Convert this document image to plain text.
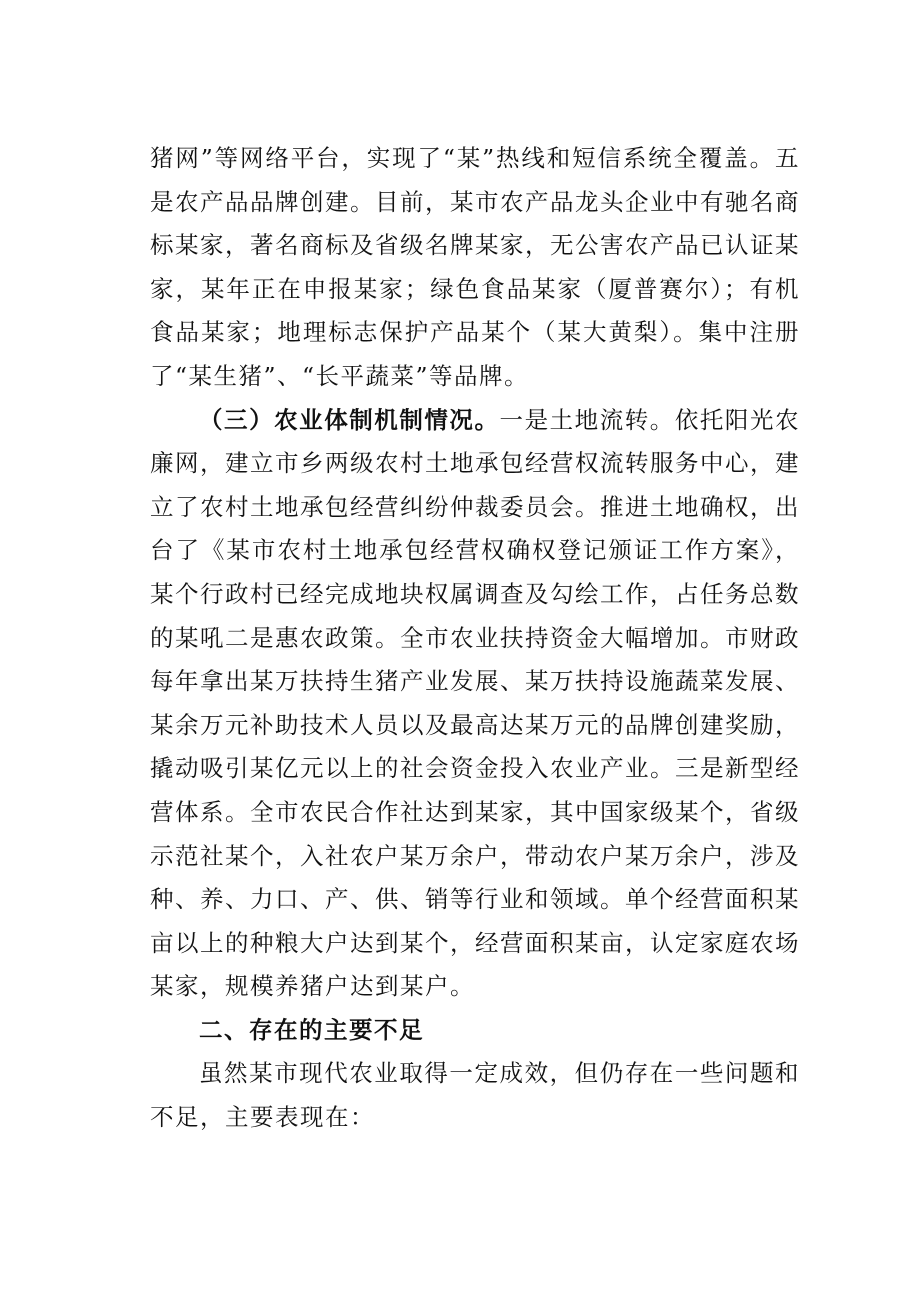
猪网”等网络平台，实现了“某”热线和短信系统全覆盖。五是农产品品牌创建。目前，某市农产品龙头企业中有驰名商标某家，著名商标及省级名牌某家，无公害农产品已认证某家，某年正在申报某家；绿色食品某家（厦普赛尔）；有机食品某家；地理标志保护产品某个（某大黄梨）。集中注册了“某生猪”、“长平蔬菜”等品牌。

（三）农业体制机制情况。一是土地流转。依托阳光农廉网，建立市乡两级农村土地承包经营权流转服务中心，建立了农村土地承包经营纠纷仲裁委员会。推进土地确权，出台了《某市农村土地承包经营权确权登记颁证工作方案》，某个行政村已经完成地块权属调查及勾绘工作，占任务总数的某吼二是惠农政策。全市农业扶持资金大幅增加。市财政每年拿出某万扶持生猪产业发展、某万扶持设施蔬菜发展、某余万元补助技术人员以及最高达某万元的品牌创建奖励，撬动吸引某亿元以上的社会资金投入农业产业。三是新型经营体系。全市农民合作社达到某家，其中国家级某个，省级示范社某个，入社农户某万余户，带动农户某万余户，涉及种、养、力口、产、供、销等行业和领域。单个经营面积某亩以上的种粮大户达到某个，经营面积某亩，认定家庭农场某家，规模养猪户达到某户。

二、存在的主要不足

虽然某市现代农业取得一定成效，但仍存在一些问题和不足，主要表现在：
